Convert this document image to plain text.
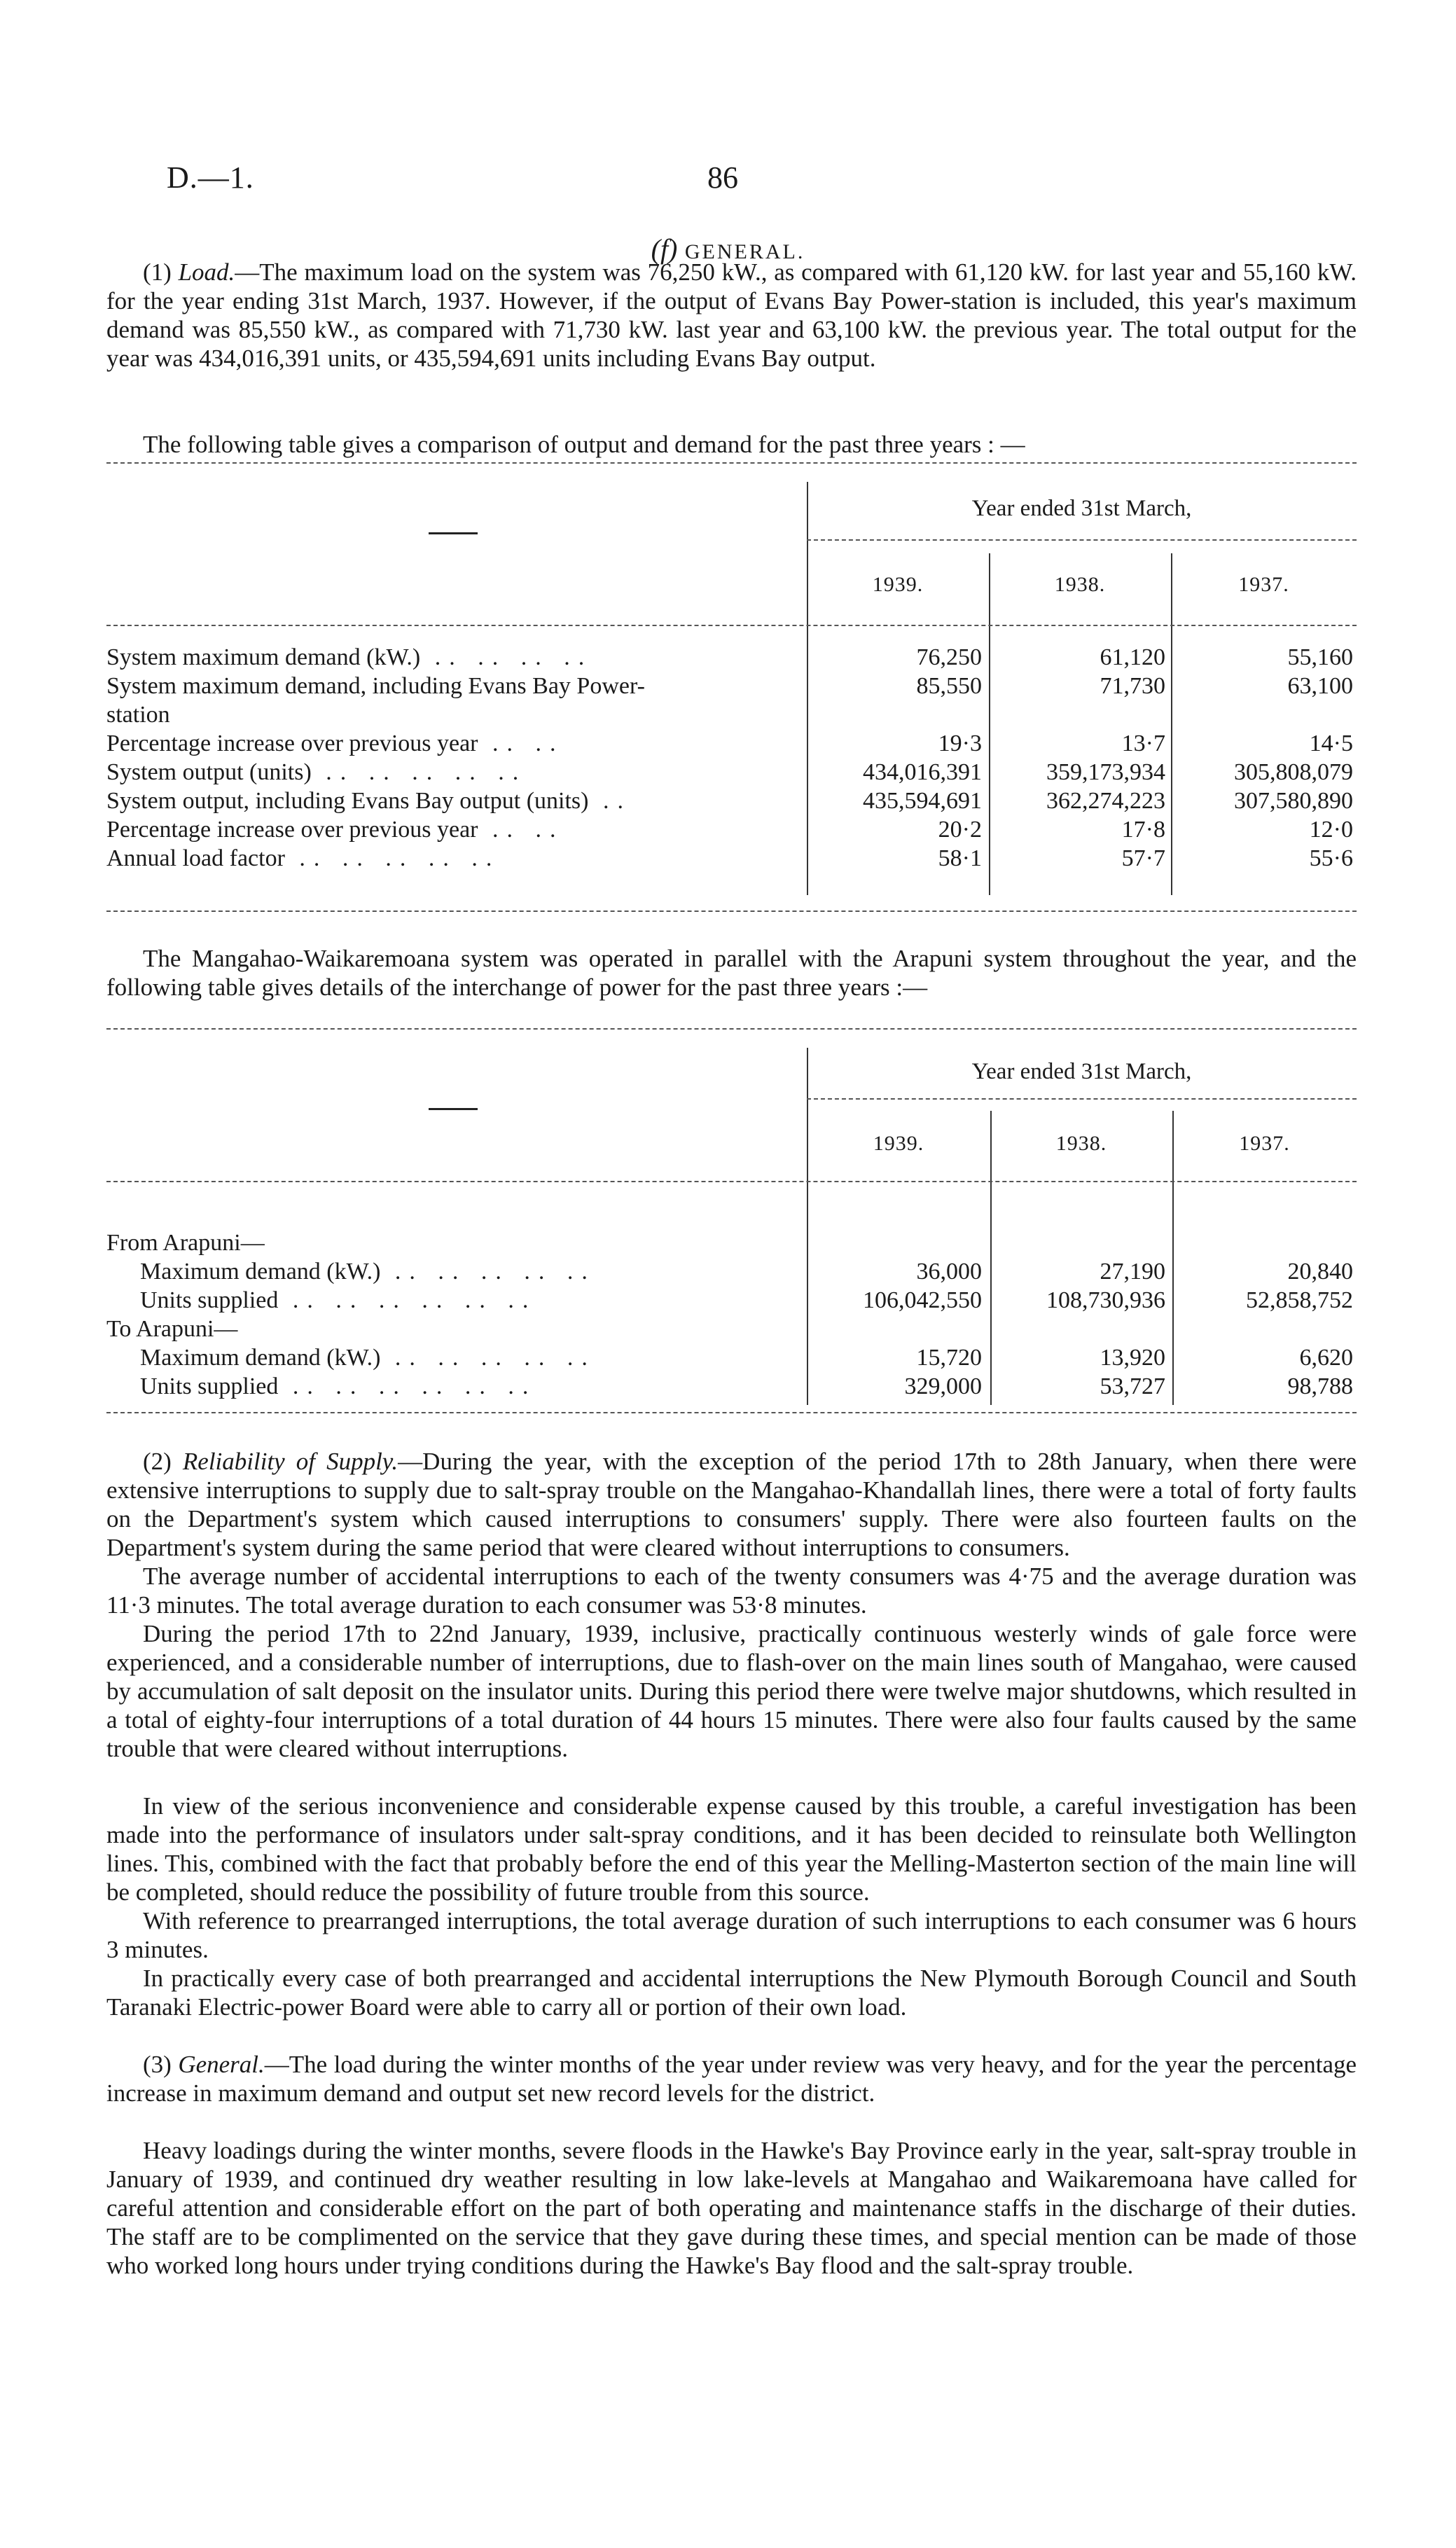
D.—1.	86
(f) GENERAL.

(1) Load.—The maximum load on the system was 76,250 kW., as compared with 61,120 kW. for last year and 55,160 kW. for the year ending 31st March, 1937. However, if the output of Evans Bay Power-station is included, this year's maximum demand was 85,550 kW., as compared with 71,730 kW. last year and 63,100 kW. the previous year. The total output for the year was 434,016,391 units, or 435,594,691 units including Evans Bay output.

The following table gives a comparison of output and demand for the past three years : —

Year ended 31st March,
1939.	1938.	1937.
System maximum demand (kW.) .. .. .. ..	76,250	61,120	55,160
System maximum demand, including Evans Bay Power-	85,550	71,730	63,100
station
Percentage increase over previous year .. ..	19·3	13·7	14·5
System output (units) .. .. .. .. ..	434,016,391	359,173,934	305,808,079
System output, including Evans Bay output (units) ..	435,594,691	362,274,223	307,580,890
Percentage increase over previous year .. ..	20·2	17·8	12·0
Annual load factor .. .. .. .. ..	58·1	57·7	55·6

The Mangahao-Waikaremoana system was operated in parallel with the Arapuni system throughout the year, and the following table gives details of the interchange of power for the past three years :—

Year ended 31st March,
1939.	1938.	1937.
From Arapuni—
Maximum demand (kW.) .. .. .. .. ..	36,000	27,190	20,840
Units supplied .. .. .. .. .. ..	106,042,550	108,730,936	52,858,752
To Arapuni—
Maximum demand (kW.) .. .. .. .. ..	15,720	13,920	6,620
Units supplied .. .. .. .. .. ..	329,000	53,727	98,788

(2) Reliability of Supply.—During the year, with the exception of the period 17th to 28th January, when there were extensive interruptions to supply due to salt-spray trouble on the Mangahao-Khandallah lines, there were a total of forty faults on the Department's system which caused interruptions to consumers' supply. There were also fourteen faults on the Department's system during the same period that were cleared without interruptions to consumers.

The average number of accidental interruptions to each of the twenty consumers was 4·75 and the average duration was 11·3 minutes. The total average duration to each consumer was 53·8 minutes.

During the period 17th to 22nd January, 1939, inclusive, practically continuous westerly winds of gale force were experienced, and a considerable number of interruptions, due to flash-over on the main lines south of Mangahao, were caused by accumulation of salt deposit on the insulator units. During this period there were twelve major shutdowns, which resulted in a total of eighty-four interruptions of a total duration of 44 hours 15 minutes. There were also four faults caused by the same trouble that were cleared without interruptions.

In view of the serious inconvenience and considerable expense caused by this trouble, a careful investigation has been made into the performance of insulators under salt-spray conditions, and it has been decided to reinsulate both Wellington lines. This, combined with the fact that probably before the end of this year the Melling-Masterton section of the main line will be completed, should reduce the possibility of future trouble from this source.

With reference to prearranged interruptions, the total average duration of such interruptions to each consumer was 6 hours 3 minutes.

In practically every case of both prearranged and accidental interruptions the New Plymouth Borough Council and South Taranaki Electric-power Board were able to carry all or portion of their own load.

(3) General.—The load during the winter months of the year under review was very heavy, and for the year the percentage increase in maximum demand and output set new record levels for the district.

Heavy loadings during the winter months, severe floods in the Hawke's Bay Province early in the year, salt-spray trouble in January of 1939, and continued dry weather resulting in low lake-levels at Mangahao and Waikaremoana have called for careful attention and considerable effort on the part of both operating and maintenance staffs in the discharge of their duties. The staff are to be complimented on the service that they gave during these times, and special mention can be made of those who worked long hours under trying conditions during the Hawke's Bay flood and the salt-spray trouble.
